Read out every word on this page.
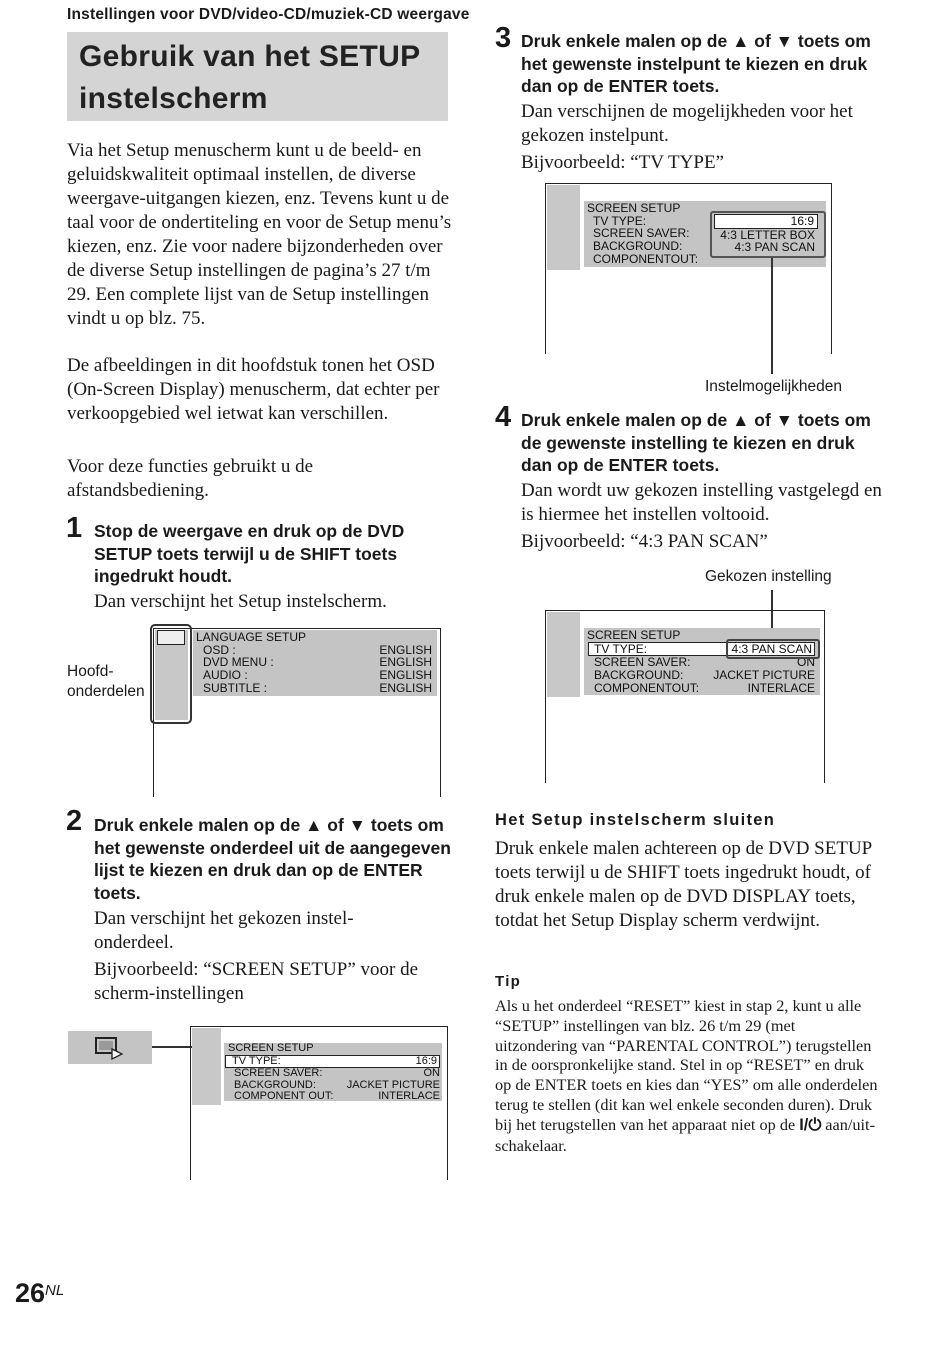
Instellingen voor DVD/video-CD/muziek-CD weergave
Gebruik van het SETUP
instelscherm
Via het Setup menuscherm kunt u de beeld- en geluidskwaliteit optimaal instellen, de diverse weergave-uitgangen kiezen, enz. Tevens kunt u de taal voor de ondertiteling en voor de Setup menu’s kiezen, enz. Zie voor nadere bijzonderheden over de diverse Setup instellingen de pagina’s 27 t/m 29. Een complete lijst van de Setup instellingen vindt u op blz. 75.
De afbeeldingen in dit hoofdstuk tonen het OSD (On-Screen Display) menuscherm, dat echter per verkoopgebied wel ietwat kan verschillen.
Voor deze functies gebruikt u de afstandsbediening.
1 Stop de weergave en druk op de DVD SETUP toets terwijl u de SHIFT toets ingedrukt houdt.
Dan verschijnt het Setup instelscherm.
Hoofd-
onderdelen
LANGUAGE SETUP
OSD :	ENGLISH
DVD MENU :	ENGLISH
AUDIO :	ENGLISH
SUBTITLE :	ENGLISH
2 Druk enkele malen op de ▲ of ▼ toets om het gewenste onderdeel uit de aangegeven lijst te kiezen en druk dan op de ENTER toets.
Dan verschijnt het gekozen instel-onderdeel.
Bijvoorbeeld: “SCREEN SETUP” voor de scherm-instellingen
SCREEN SETUP
TV TYPE:	16:9
SCREEN SAVER:	ON
BACKGROUND:	JACKET PICTURE
COMPONENT OUT:	INTERLACE
3 Druk enkele malen op de ▲ of ▼ toets om het gewenste instelpunt te kiezen en druk dan op de ENTER toets.
Dan verschijnen de mogelijkheden voor het gekozen instelpunt.
Bijvoorbeeld: “TV TYPE”
SCREEN SETUP
TV TYPE:
SCREEN SAVER:
BACKGROUND:
COMPONENTOUT:
16:9
4:3 LETTER BOX
4:3 PAN SCAN
Instelmogelijkheden
4 Druk enkele malen op de ▲ of ▼ toets om de gewenste instelling te kiezen en druk dan op de ENTER toets.
Dan wordt uw gekozen instelling vastgelegd en is hiermee het instellen voltooid.
Bijvoorbeeld: “4:3 PAN SCAN”
Gekozen instelling
SCREEN SETUP
TV TYPE:	4:3 PAN SCAN
SCREEN SAVER:	ON
BACKGROUND: JACKET PICTURE
COMPONENTOUT:	INTERLACE
Het Setup instelscherm sluiten
Druk enkele malen achtereen op de DVD SETUP toets terwijl u de SHIFT toets ingedrukt houdt, of druk enkele malen op de DVD DISPLAY toets, totdat het Setup Display scherm verdwijnt.
Tip
Als u het onderdeel “RESET” kiest in stap 2, kunt u alle “SETUP” instellingen van blz. 26 t/m 29 (met uitzondering van “PARENTAL CONTROL”) terugstellen in de oorspronkelijke stand. Stel in op “RESET” en druk op de ENTER toets en kies dan “YES” om alle onderdelen terug te stellen (dit kan wel enkele seconden duren). Druk bij het terugstellen van het apparaat niet op de I/⏻ aan/uit-schakelaar.
26NL
